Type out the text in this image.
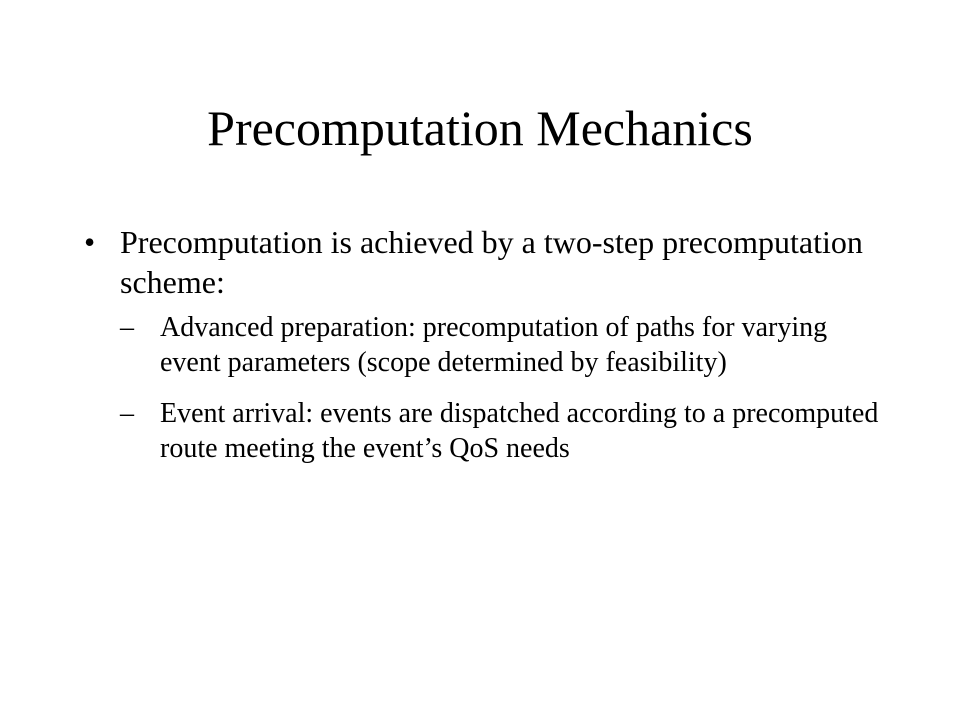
Precomputation Mechanics
• Precomputation is achieved by a two-step precomputation scheme:
– Advanced preparation: precomputation of paths for varying event parameters (scope determined by feasibility)
– Event arrival: events are dispatched according to a precomputed route meeting the event’s QoS needs
